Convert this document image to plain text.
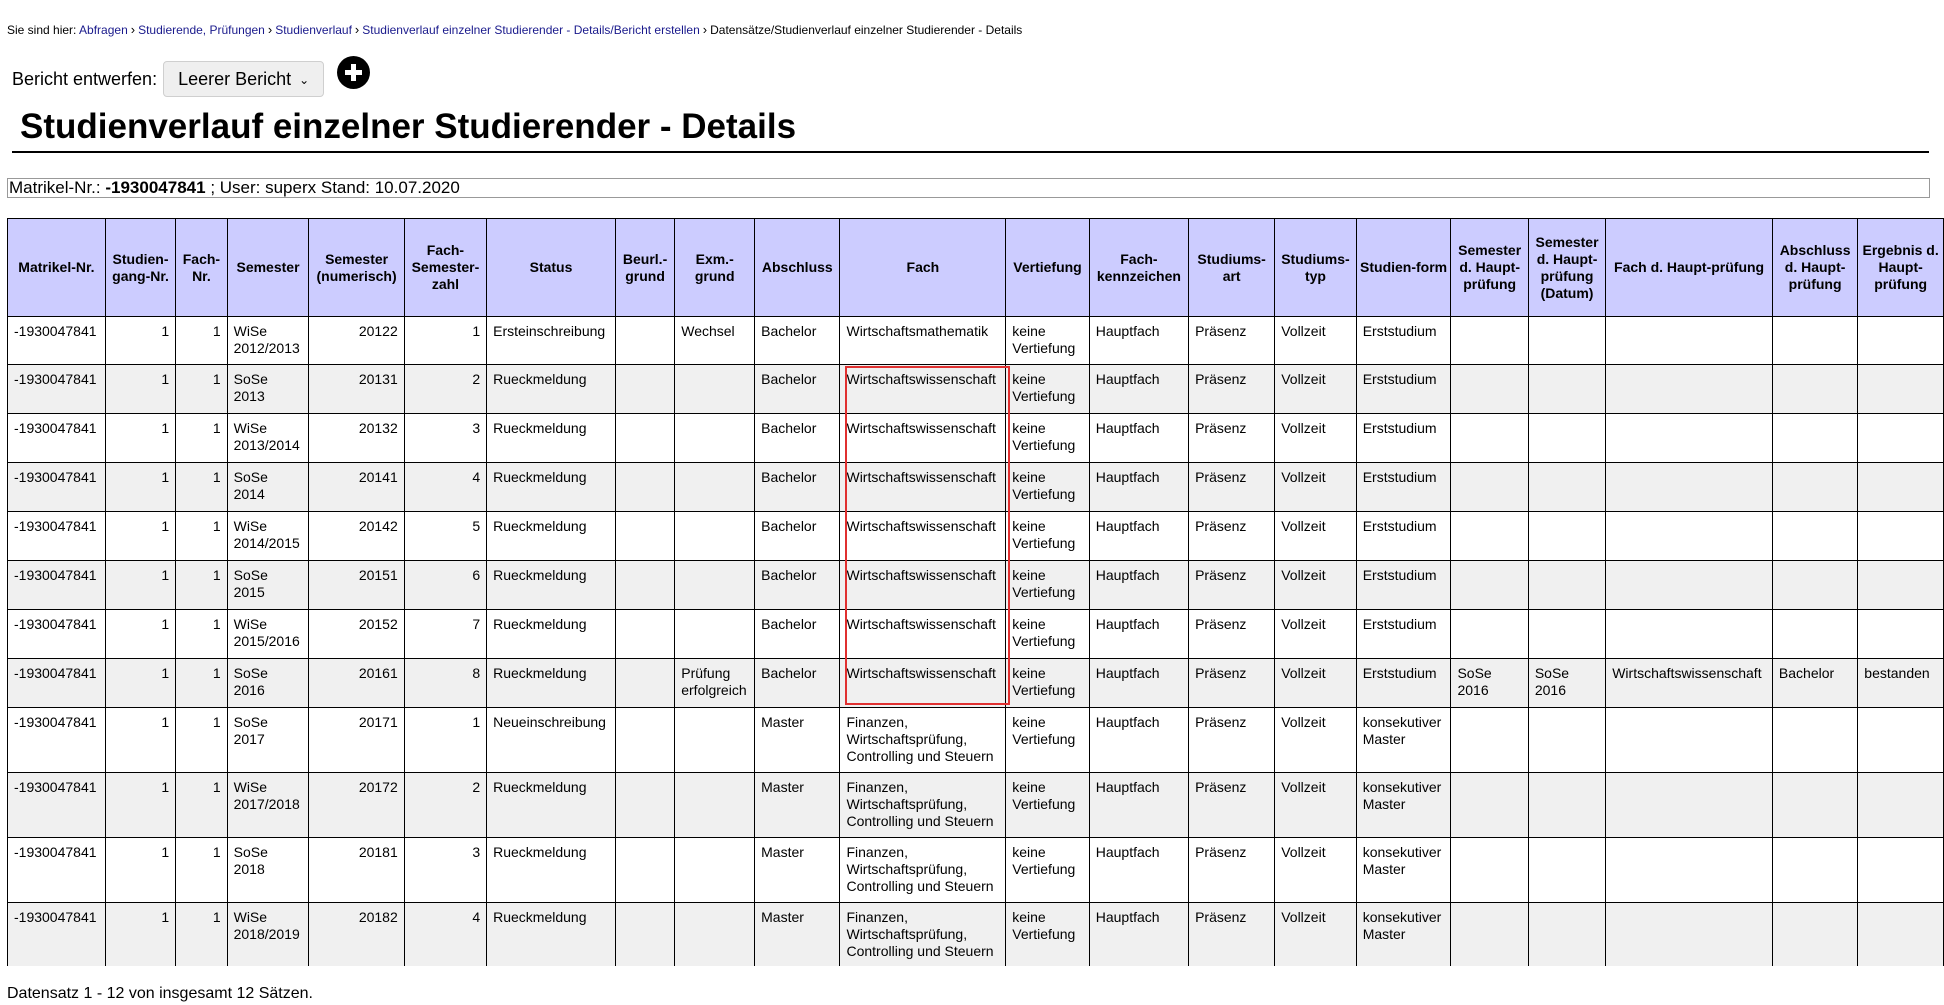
Sie sind hier: Abfragen › Studierende, Prüfungen › Studienverlauf › Studienverlauf einzelner Studierender - Details/Bericht erstellen › Datensätze/Studienverlauf einzelner Studierender - Details
Bericht entwerfen: Leerer Bericht ⌄
Studienverlauf einzelner Studierender - Details
Matrikel-Nr.: -1930047841 ; User: superx Stand: 10.07.2020
Matrikel-Nr.	Studien-gang-Nr.	Fach-Nr.	Semester	Semester (numerisch)	Fach-Semester-zahl	Status	Beurl.-grund	Exm.-grund	Abschluss	Fach	Vertiefung	Fach-kennzeichen	Studiums-art	Studiums-typ	Studien-form	Semester d. Haupt-prüfung	Semester d. Haupt-prüfung (Datum)	Fach d. Haupt-prüfung	Abschluss d. Haupt-prüfung	Ergebnis d. Haupt-prüfung
-1930047841	1	1	WiSe 2012/2013	20122	1	Ersteinschreibung		Wechsel	Bachelor	Wirtschaftsmathematik	keine Vertiefung	Hauptfach	Präsenz	Vollzeit	Erststudium					
-1930047841	1	1	SoSe 2013	20131	2	Rueckmeldung			Bachelor	Wirtschaftswissenschaft	keine Vertiefung	Hauptfach	Präsenz	Vollzeit	Erststudium					
-1930047841	1	1	WiSe 2013/2014	20132	3	Rueckmeldung			Bachelor	Wirtschaftswissenschaft	keine Vertiefung	Hauptfach	Präsenz	Vollzeit	Erststudium					
-1930047841	1	1	SoSe 2014	20141	4	Rueckmeldung			Bachelor	Wirtschaftswissenschaft	keine Vertiefung	Hauptfach	Präsenz	Vollzeit	Erststudium					
-1930047841	1	1	WiSe 2014/2015	20142	5	Rueckmeldung			Bachelor	Wirtschaftswissenschaft	keine Vertiefung	Hauptfach	Präsenz	Vollzeit	Erststudium					
-1930047841	1	1	SoSe 2015	20151	6	Rueckmeldung			Bachelor	Wirtschaftswissenschaft	keine Vertiefung	Hauptfach	Präsenz	Vollzeit	Erststudium					
-1930047841	1	1	WiSe 2015/2016	20152	7	Rueckmeldung			Bachelor	Wirtschaftswissenschaft	keine Vertiefung	Hauptfach	Präsenz	Vollzeit	Erststudium					
-1930047841	1	1	SoSe 2016	20161	8	Rueckmeldung		Prüfung erfolgreich	Bachelor	Wirtschaftswissenschaft	keine Vertiefung	Hauptfach	Präsenz	Vollzeit	Erststudium	SoSe 2016	SoSe 2016	Wirtschaftswissenschaft	Bachelor	bestanden
-1930047841	1	1	SoSe 2017	20171	1	Neueinschreibung			Master	Finanzen, Wirtschaftsprüfung, Controlling und Steuern	keine Vertiefung	Hauptfach	Präsenz	Vollzeit	konsekutiver Master					
-1930047841	1	1	WiSe 2017/2018	20172	2	Rueckmeldung			Master	Finanzen, Wirtschaftsprüfung, Controlling und Steuern	keine Vertiefung	Hauptfach	Präsenz	Vollzeit	konsekutiver Master					
-1930047841	1	1	SoSe 2018	20181	3	Rueckmeldung			Master	Finanzen, Wirtschaftsprüfung, Controlling und Steuern	keine Vertiefung	Hauptfach	Präsenz	Vollzeit	konsekutiver Master					
-1930047841	1	1	WiSe 2018/2019	20182	4	Rueckmeldung			Master	Finanzen, Wirtschaftsprüfung, Controlling und Steuern	keine Vertiefung	Hauptfach	Präsenz	Vollzeit	konsekutiver Master					
Datensatz 1 - 12 von insgesamt 12 Sätzen.
